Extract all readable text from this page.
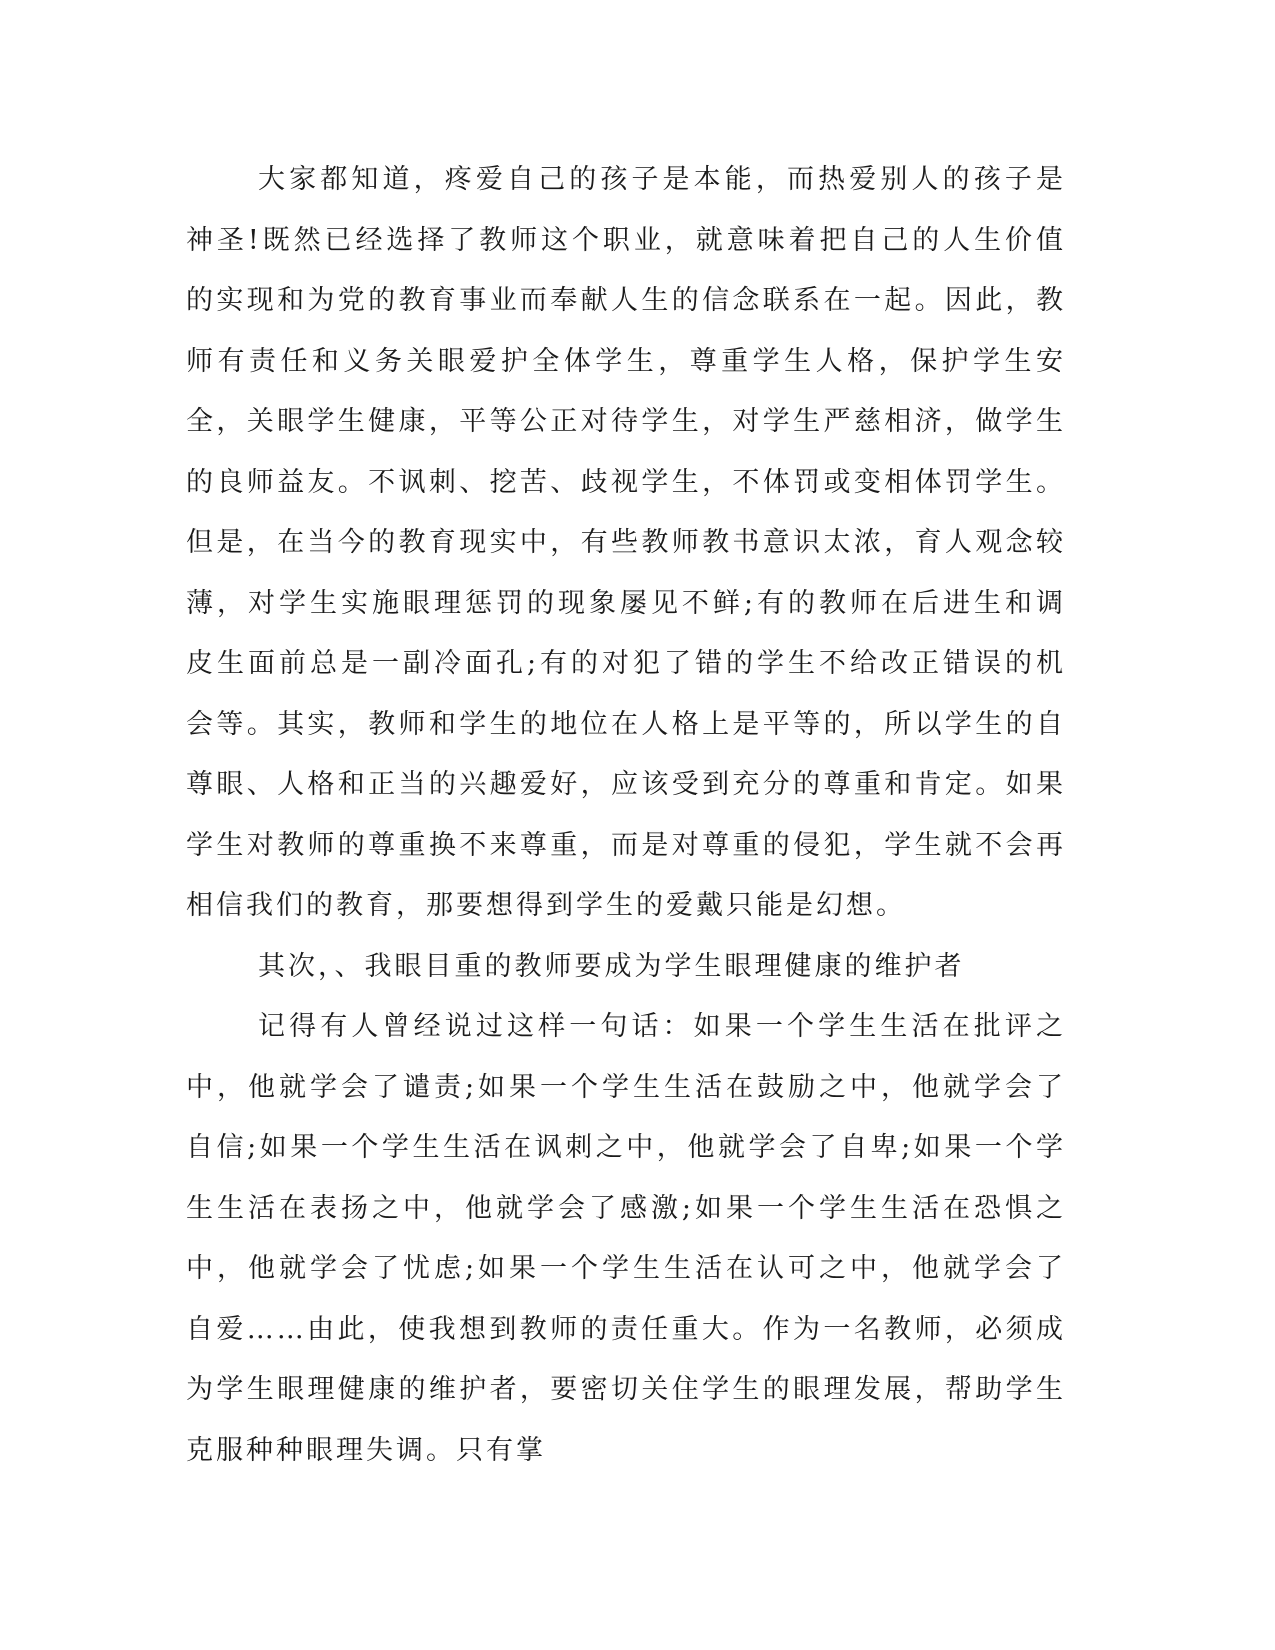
大家都知道，疼爱自己的孩子是本能，而热爱别人的孩子是神圣!既然已经选择了教师这个职业，就意味着把自己的人生价值的实现和为党的教育事业而奉献人生的信念联系在一起。因此，教师有责任和义务关眼爱护全体学生，尊重学生人格，保护学生安全，关眼学生健康，平等公正对待学生，对学生严慈相济，做学生的良师益友。不讽刺、挖苦、歧视学生，不体罚或变相体罚学生。但是，在当今的教育现实中，有些教师教书意识太浓，育人观念较薄，对学生实施眼理惩罚的现象屡见不鲜;有的教师在后进生和调皮生面前总是一副冷面孔;有的对犯了错的学生不给改正错误的机会等。其实，教师和学生的地位在人格上是平等的，所以学生的自尊眼、人格和正当的兴趣爱好，应该受到充分的尊重和肯定。如果学生对教师的尊重换不来尊重，而是对尊重的侵犯，学生就不会再相信我们的教育，那要想得到学生的爱戴只能是幻想。

其次，、我眼目重的教师要成为学生眼理健康的维护者

记得有人曾经说过这样一句话：如果一个学生生活在批评之中，他就学会了谴责;如果一个学生生活在鼓励之中，他就学会了自信;如果一个学生生活在讽刺之中，他就学会了自卑;如果一个学生生活在表扬之中，他就学会了感激;如果一个学生生活在恐惧之中，他就学会了忧虑;如果一个学生生活在认可之中，他就学会了自爱……由此，使我想到教师的责任重大。作为一名教师，必须成为学生眼理健康的维护者，要密切关住学生的眼理发展，帮助学生克服种种眼理失调。只有掌
